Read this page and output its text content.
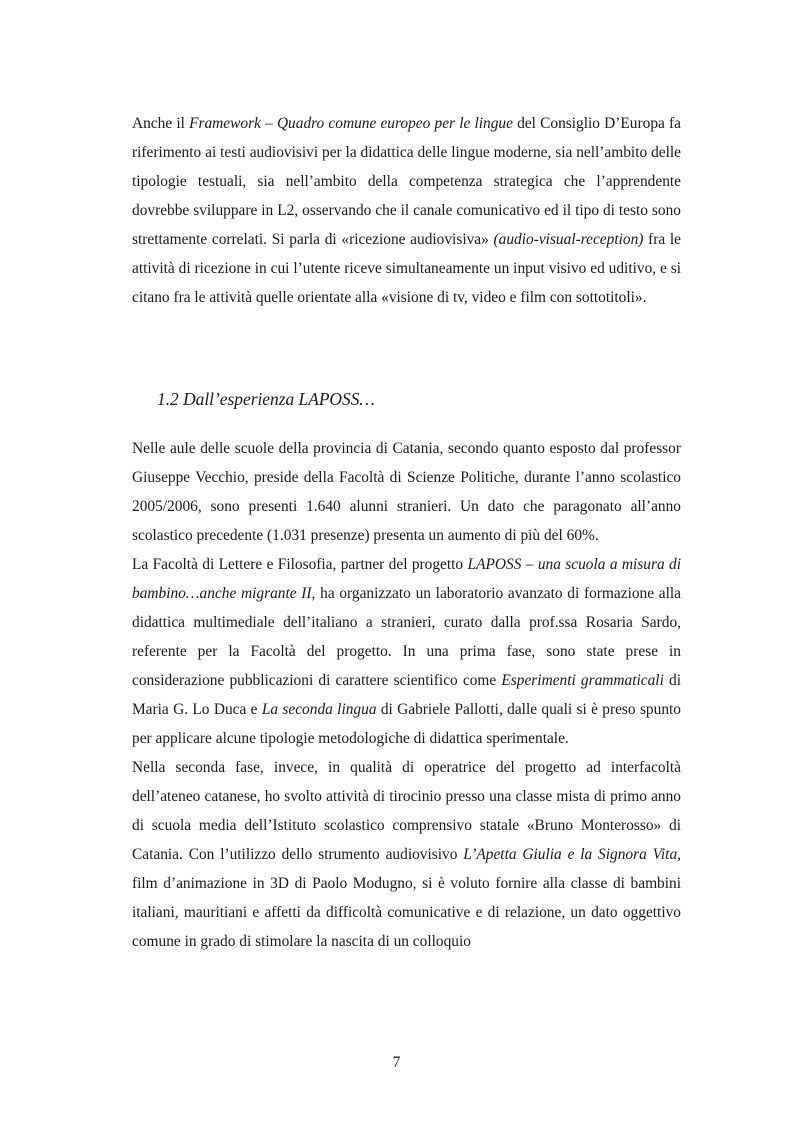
Anche il Framework – Quadro comune europeo per le lingue del Consiglio D’Europa fa riferimento ai testi audiovisivi per la didattica delle lingue moderne, sia nell’ambito delle tipologie testuali, sia nell’ambito della competenza strategica che l’apprendente dovrebbe sviluppare in L2, osservando che il canale comunicativo ed il tipo di testo sono strettamente correlati. Si parla di «ricezione audiovisiva» (audio-visual-reception) fra le attività di ricezione in cui l’utente riceve simultaneamente un input visivo ed uditivo, e si citano fra le attività quelle orientate alla «visione di tv, video e film con sottotitoli».

1.2 Dall’esperienza LAPOSS…

Nelle aule delle scuole della provincia di Catania, secondo quanto esposto dal professor Giuseppe Vecchio, preside della Facoltà di Scienze Politiche, durante l’anno scolastico 2005/2006, sono presenti 1.640 alunni stranieri. Un dato che paragonato all’anno scolastico precedente (1.031 presenze) presenta un aumento di più del 60%.

La Facoltà di Lettere e Filosofia, partner del progetto LAPOSS – una scuola a misura di bambino…anche migrante II, ha organizzato un laboratorio avanzato di formazione alla didattica multimediale dell’italiano a stranieri, curato dalla prof.ssa Rosaria Sardo, referente per la Facoltà del progetto. In una prima fase, sono state prese in considerazione pubblicazioni di carattere scientifico come Esperimenti grammaticali di Maria G. Lo Duca e La seconda lingua di Gabriele Pallotti, dalle quali si è preso spunto per applicare alcune tipologie metodologiche di didattica sperimentale.

Nella seconda fase, invece, in qualità di operatrice del progetto ad interfacoltà dell’ateneo catanese, ho svolto attività di tirocinio presso una classe mista di primo anno di scuola media dell’Istituto scolastico comprensivo statale «Bruno Monterosso» di Catania. Con l’utilizzo dello strumento audiovisivo L’Apetta Giulia e la Signora Vita, film d’animazione in 3D di Paolo Modugno, si è voluto fornire alla classe di bambini italiani, mauritiani e affetti da difficoltà comunicative e di relazione, un dato oggettivo comune in grado di stimolare la nascita di un colloquio

7
